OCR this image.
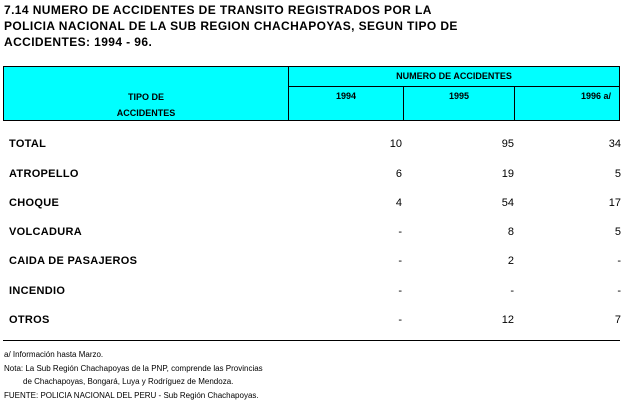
7.14 NUMERO DE ACCIDENTES DE TRANSITO REGISTRADOS POR LA
POLICIA NACIONAL DE LA SUB REGION CHACHAPOYAS, SEGUN TIPO DE
ACCIDENTES: 1994 - 96.
TIPO DE
ACCIDENTES
NUMERO DE ACCIDENTES
1994	1995	1996 a/
TOTAL	10	95	34
ATROPELLO	6	19	5
CHOQUE	4	54	17
VOLCADURA	-	8	5
CAIDA DE PASAJEROS	-	2	-
INCENDIO	-	-	-
OTROS	-	12	7
a/ Información hasta Marzo.
Nota: La Sub Región Chachapoyas de la PNP, comprende las Provincias
de Chachapoyas, Bongará, Luya y Rodríguez de Mendoza.
FUENTE: POLICIA NACIONAL DEL PERU - Sub Región Chachapoyas.
